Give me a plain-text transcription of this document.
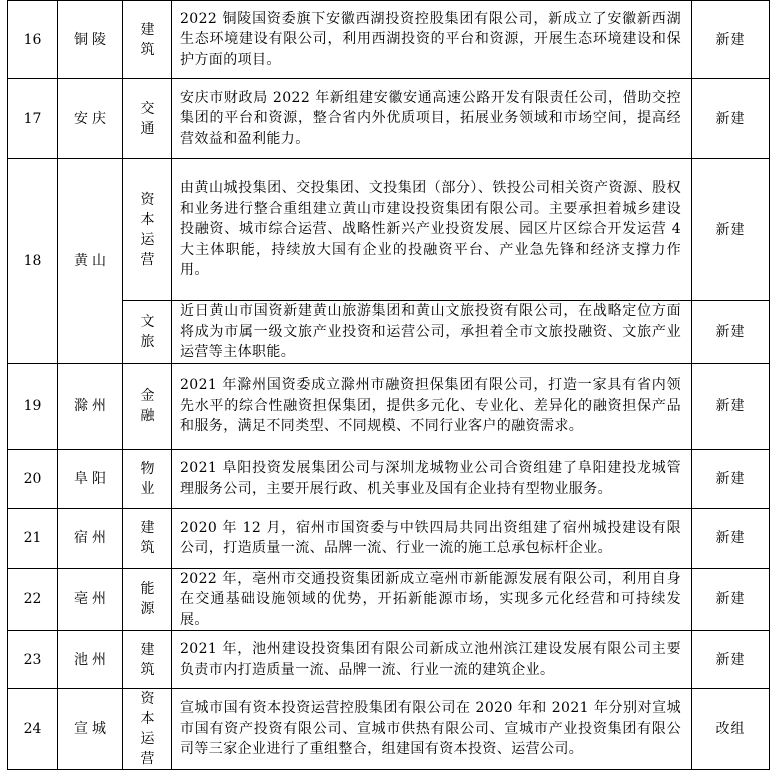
16	铜陵	建筑	2022 铜陵国资委旗下安徽西湖投资控股集团有限公司，新成立了安徽新西湖生态环境建设有限公司，利用西湖投资的平台和资源，开展生态环境建设和保护方面的项目。	新建
17	安庆	交通	安庆市财政局 2022 年新组建安徽安通高速公路开发有限责任公司，借助交控集团的平台和资源，整合省内外优质项目，拓展业务领域和市场空间，提高经营效益和盈利能力。	新建
18	黄山	资本运营	由黄山城投集团、交投集团、文投集团（部分）、铁投公司相关资产资源、股权和业务进行整合重组建立黄山市建设投资集团有限公司。主要承担着城乡建设投融资、城市综合运营、战略性新兴产业投资发展、园区片区综合开发运营 4 大主体职能，持续放大国有企业的投融资平台、产业急先锋和经济支撑力作用。	新建
		文旅	近日黄山市国资新建黄山旅游集团和黄山文旅投资有限公司，在战略定位方面将成为市属一级文旅产业投资和运营公司，承担着全市文旅投融资、文旅产业运营等主体职能。	新建
19	滁州	金融	2021 年滁州国资委成立滁州市融资担保集团有限公司，打造一家具有省内领先水平的综合性融资担保集团，提供多元化、专业化、差异化的融资担保产品和服务，满足不同类型、不同规模、不同行业客户的融资需求。	新建
20	阜阳	物业	2021 阜阳投资发展集团公司与深圳龙城物业公司合资组建了阜阳建投龙城管理服务公司，主要开展行政、机关事业及国有企业持有型物业服务。	新建
21	宿州	建筑	2020 年 12 月，宿州市国资委与中铁四局共同出资组建了宿州城投建设有限公司，打造质量一流、品牌一流、行业一流的施工总承包标杆企业。	新建
22	亳州	能源	2022 年，亳州市交通投资集团新成立亳州市新能源发展有限公司，利用自身在交通基础设施领域的优势，开拓新能源市场，实现多元化经营和可持续发展。	新建
23	池州	建筑	2021 年，池州建设投资集团有限公司新成立池州滨江建设发展有限公司主要负责市内打造质量一流、品牌一流、行业一流的建筑企业。	新建
24	宣城	资本运营	宣城市国有资本投资运营控股集团有限公司在 2020 年和 2021 年分别对宣城市国有资产投资有限公司、宣城市供热有限公司、宣城市产业投资集团有限公司等三家企业进行了重组整合，组建国有资本投资、运营公司。	改组
